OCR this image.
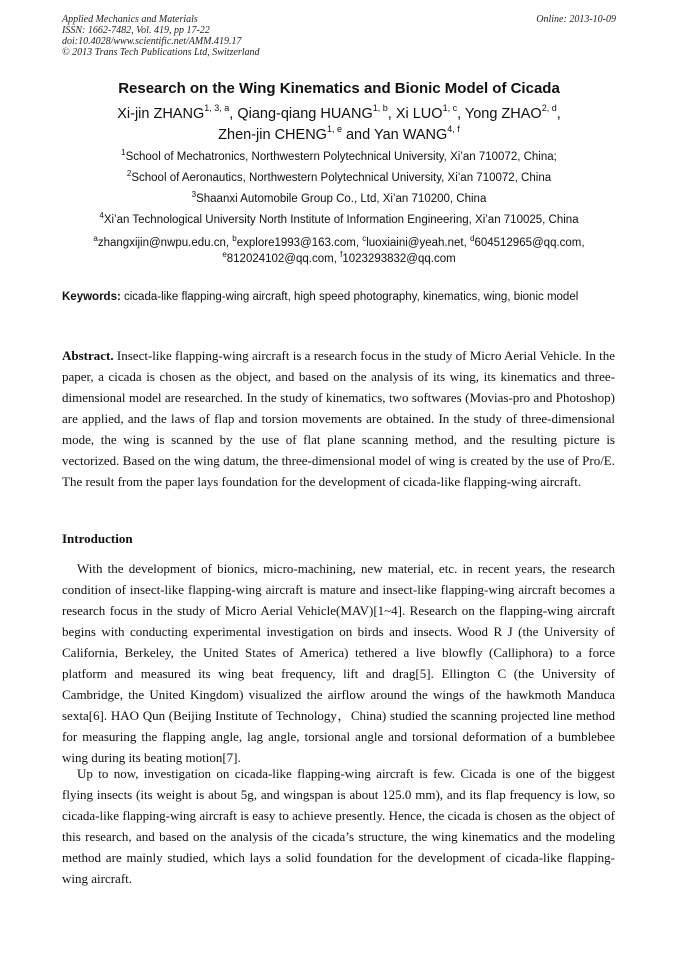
Applied Mechanics and Materials
ISSN: 1662-7482, Vol. 419, pp 17-22
doi:10.4028/www.scientific.net/AMM.419.17
© 2013 Trans Tech Publications Ltd, Switzerland
Online: 2013-10-09
Research on the Wing Kinematics and Bionic Model of Cicada
Xi-jin ZHANG$^{1, 3, a}$, Qiang-qiang HUANG$^{1, b}$, Xi LUO$^{1, c}$, Yong ZHAO$^{2, d}$,
Zhen-jin CHENG$^{1, e}$ and Yan WANG$^{4, f}$
$^1$School of Mechatronics, Northwestern Polytechnical University, Xi’an 710072, China;
$^2$School of Aeronautics, Northwestern Polytechnical University, Xi’an 710072, China
$^3$Shaanxi Automobile Group Co., Ltd, Xi’an 710200, China
$^4$Xi’an Technological University North Institute of Information Engineering, Xi’an 710025, China
$^a$zhangxijin@nwpu.edu.cn, $^b$explore1993@163.com, $^c$luoxiaini@yeah.net, $^d$604512965@qq.com,
$^e$812024102@qq.com, $^f$1023293832@qq.com
Keywords: cicada-like flapping-wing aircraft, high speed photography, kinematics, wing, bionic model
Abstract. Insect-like flapping-wing aircraft is a research focus in the study of Micro Aerial Vehicle. In the paper, a cicada is chosen as the object, and based on the analysis of its wing, its kinematics and three-dimensional model are researched. In the study of kinematics, two softwares (Movias-pro and Photoshop) are applied, and the laws of flap and torsion movements are obtained. In the study of three-dimensional mode, the wing is scanned by the use of flat plane scanning method, and the resulting picture is vectorized. Based on the wing datum, the three-dimensional model of wing is created by the use of Pro/E. The result from the paper lays foundation for the development of cicada-like flapping-wing aircraft.
Introduction
With the development of bionics, micro-machining, new material, etc. in recent years, the research condition of insect-like flapping-wing aircraft is mature and insect-like flapping-wing aircraft becomes a research focus in the study of Micro Aerial Vehicle(MAV)[1~4]. Research on the flapping-wing aircraft begins with conducting experimental investigation on birds and insects. Wood R J (the University of California, Berkeley, the United States of America) tethered a live blowfly (Calliphora) to a force platform and measured its wing beat frequency, lift and drag[5]. Ellington C (the University of Cambridge, the United Kingdom) visualized the airflow around the wings of the hawkmoth Manduca sexta[6]. HAO Qun (Beijing Institute of Technology，China) studied the scanning projected line method for measuring the flapping angle, lag angle, torsional angle and torsional deformation of a bumblebee wing during its beating motion[7].
Up to now, investigation on cicada-like flapping-wing aircraft is few. Cicada is one of the biggest flying insects (its weight is about 5g, and wingspan is about 125.0 mm), and its flap frequency is low, so cicada-like flapping-wing aircraft is easy to achieve presently. Hence, the cicada is chosen as the object of this research, and based on the analysis of the cicada’s structure, the wing kinematics and the modeling method are mainly studied, which lays a solid foundation for the development of cicada-like flapping-wing aircraft.
